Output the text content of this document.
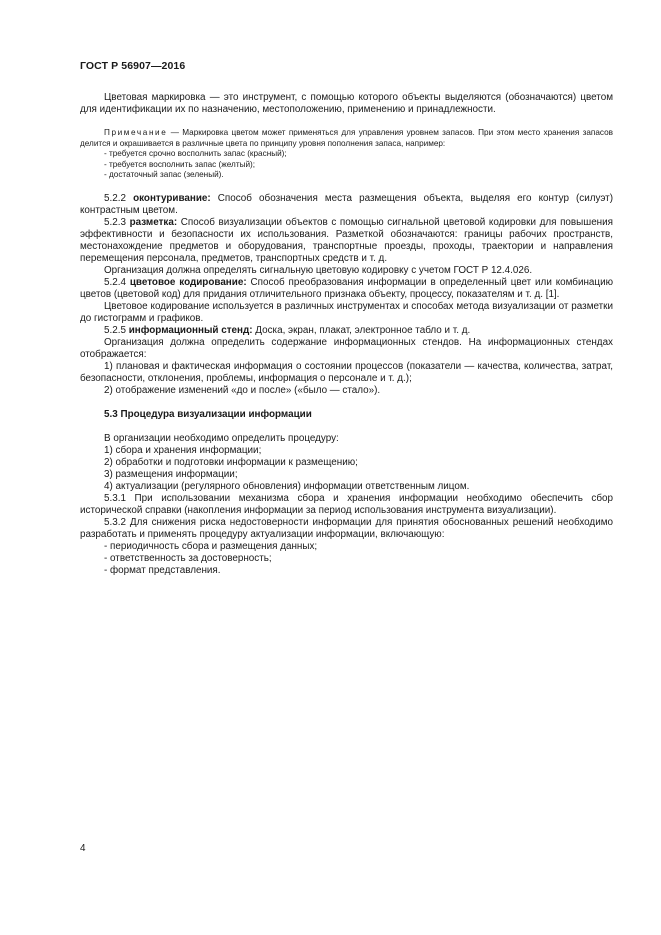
ГОСТ Р 56907—2016

Цветовая маркировка — это инструмент, с помощью которого объекты выделяются (обозначаются) цветом для идентификации их по назначению, местоположению, применению и принадлежности.

Примечание — Маркировка цветом может применяться для управления уровнем запасов. При этом место хранения запасов делится и окрашивается в различные цвета по принципу уровня пополнения запаса, например:

- требуется срочно восполнить запас (красный);
- требуется восполнить запас (желтый);
- достаточный запас (зеленый).

5.2.2 оконтуривание: Способ обозначения места размещения объекта, выделяя его контур (силуэт) контрастным цветом.

5.2.3 разметка: Способ визуализации объектов с помощью сигнальной цветовой кодировки для повышения эффективности и безопасности их использования. Разметкой обозначаются: границы рабочих пространств, местонахождение предметов и оборудования, транспортные проезды, проходы, траектории и направления перемещения персонала, предметов, транспортных средств и т. д.

Организация должна определять сигнальную цветовую кодировку с учетом ГОСТ Р 12.4.026.

5.2.4 цветовое кодирование: Способ преобразования информации в определенный цвет или комбинацию цветов (цветовой код) для придания отличительного признака объекту, процессу, показателям и т. д. [1].

Цветовое кодирование используется в различных инструментах и способах метода визуализации от разметки до гистограмм и графиков.

5.2.5 информационный стенд: Доска, экран, плакат, электронное табло и т. д.

Организация должна определить содержание информационных стендов. На информационных стендах отображается:

1) плановая и фактическая информация о состоянии процессов (показатели — качества, количества, затрат, безопасности, отклонения, проблемы, информация о персонале и т. д.);

2) отображение изменений «до и после» («было — стало»).

5.3 Процедура визуализации информации

В организации необходимо определить процедуру:

1) сбора и хранения информации;
2) обработки и подготовки информации к размещению;
3) размещения информации;
4) актуализации (регулярного обновления) информации ответственным лицом.

5.3.1 При использовании механизма сбора и хранения информации необходимо обеспечить сбор исторической справки (накопления информации за период использования инструмента визуализации).

5.3.2 Для снижения риска недостоверности информации для принятия обоснованных решений необходимо разработать и применять процедуру актуализации информации, включающую:

- периодичность сбора и размещения данных;
- ответственность за достоверность;
- формат представления.
4
